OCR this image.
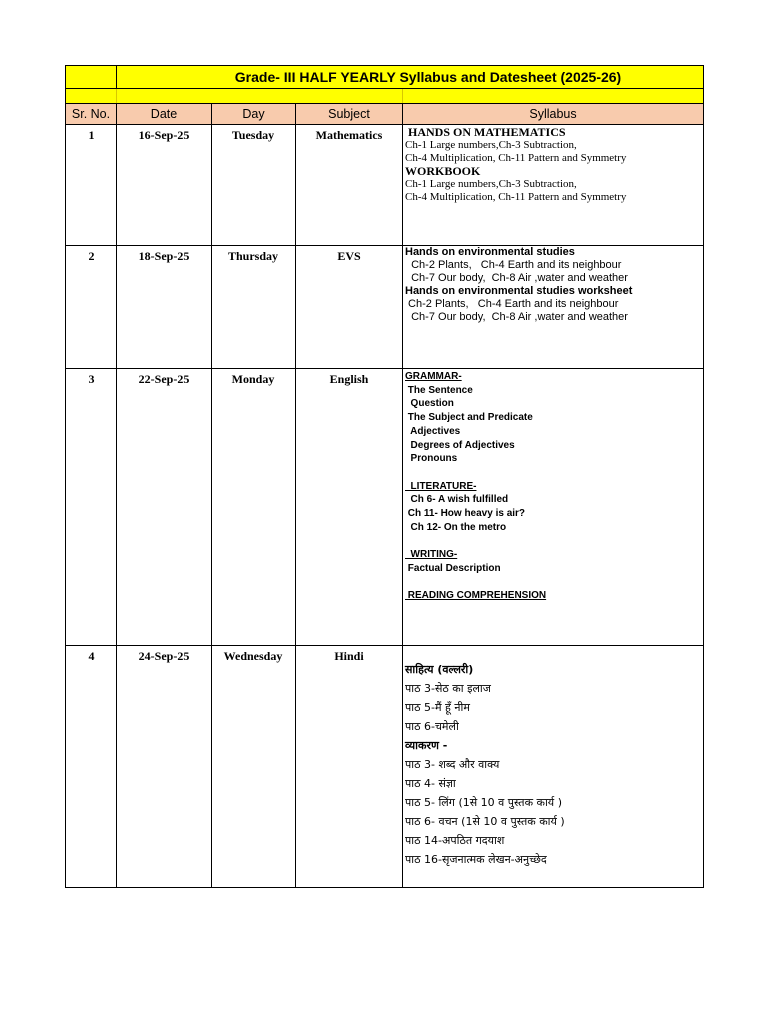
Grade- III HALF YEARLY Syllabus and Datesheet (2025-26)
Sr. No.	Date	Day	Subject	Syllabus
1	16-Sep-25	Tuesday	Mathematics	HANDS ON MATHEMATICS
Ch-1 Large numbers,Ch-3 Subtraction,
Ch-4 Multiplication, Ch-11 Pattern and Symmetry
WORKBOOK
Ch-1 Large numbers,Ch-3 Subtraction,
Ch-4 Multiplication, Ch-11 Pattern and Symmetry
2	18-Sep-25	Thursday	EVS	Hands on environmental studies
Ch-2 Plants,   Ch-4 Earth and its neighbour
Ch-7 Our body,  Ch-8 Air ,water and weather
Hands on environmental studies worksheet
Ch-2 Plants,   Ch-4 Earth and its neighbour
Ch-7 Our body,  Ch-8 Air ,water and weather
3	22-Sep-25	Monday	English	GRAMMAR-
The Sentence
Question
The Subject and Predicate
Adjectives
Degrees of Adjectives
Pronouns

LITERATURE-
Ch 6- A wish fulfilled
Ch 11- How heavy is air?
Ch 12- On the metro

WRITING-
Factual Description

READING COMPREHENSION
4	24-Sep-25	Wednesday	Hindi
साहित्य (वल्लरी)
पाठ 3-सेठ का इलाज
पाठ 5-मैं हूँ नीम
पाठ 6-चमेली
व्याकरण -
पाठ 3- शब्द और वाक्य
पाठ 4- संज्ञा
पाठ 5- लिंग (1से 10 व पुस्तक कार्य )
पाठ 6- वचन (1से 10 व पुस्तक कार्य )
पाठ 14-अपठित गदयाश
पाठ 16-सृजनात्मक लेखन-अनुच्छेद
